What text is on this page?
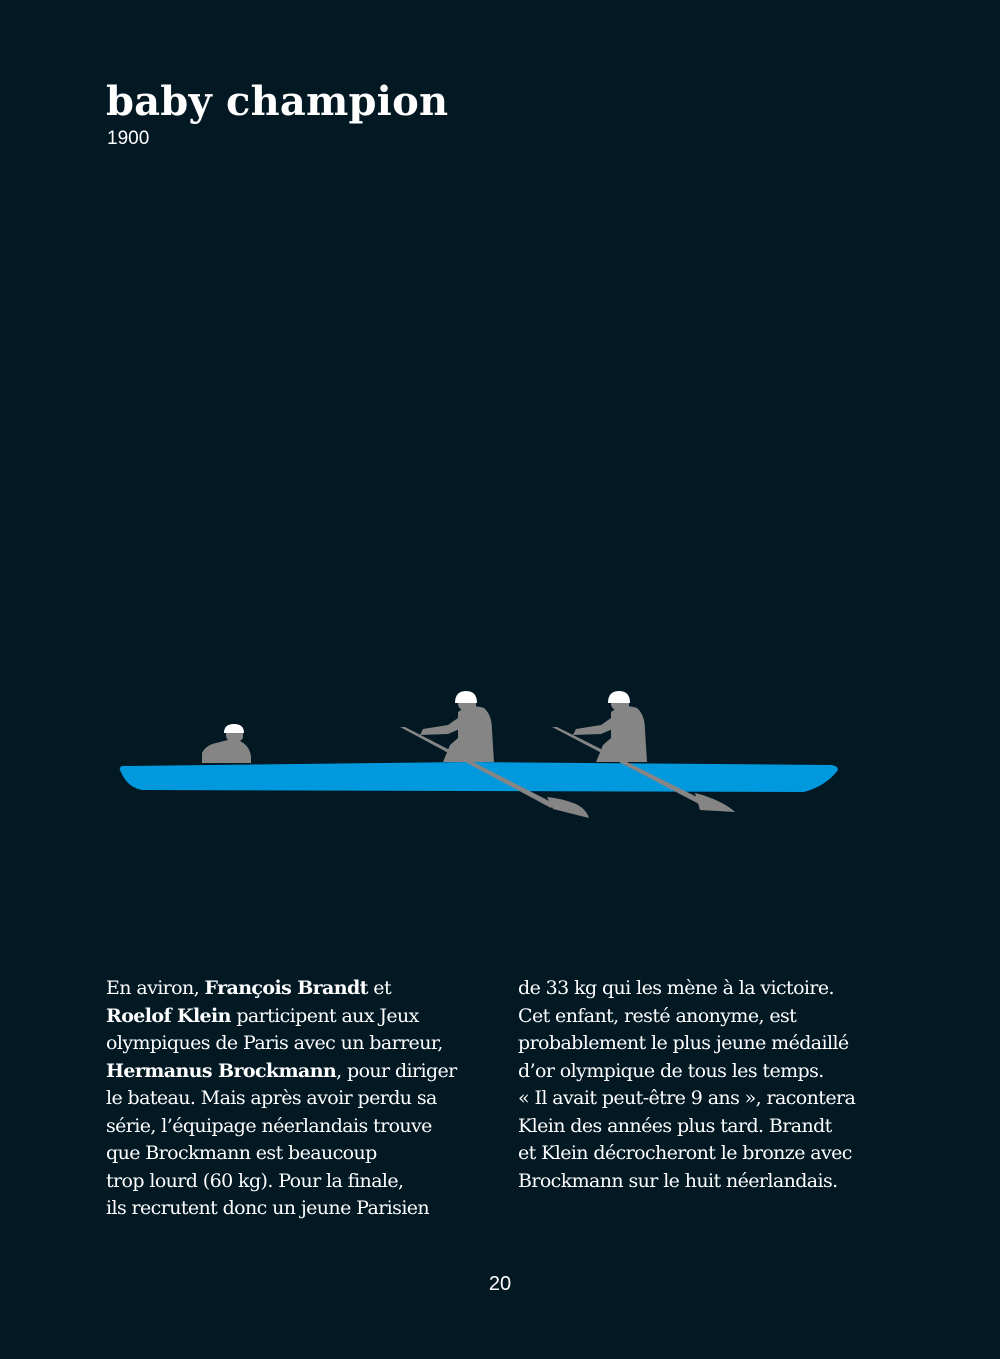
baby champion
1900
En aviron, François Brandt et
Roelof Klein participent aux Jeux
olympiques de Paris avec un barreur,
Hermanus Brockmann, pour diriger
le bateau. Mais après avoir perdu sa
série, l’équipage néerlandais trouve
que Brockmann est beaucoup
trop lourd (60 kg). Pour la finale,
ils recrutent donc un jeune Parisien
de 33 kg qui les mène à la victoire.
Cet enfant, resté anonyme, est
probablement le plus jeune médaillé
d’or olympique de tous les temps.
« Il avait peut-être 9 ans », racontera
Klein des années plus tard. Brandt
et Klein décrocheront le bronze avec
Brockmann sur le huit néerlandais.
20
